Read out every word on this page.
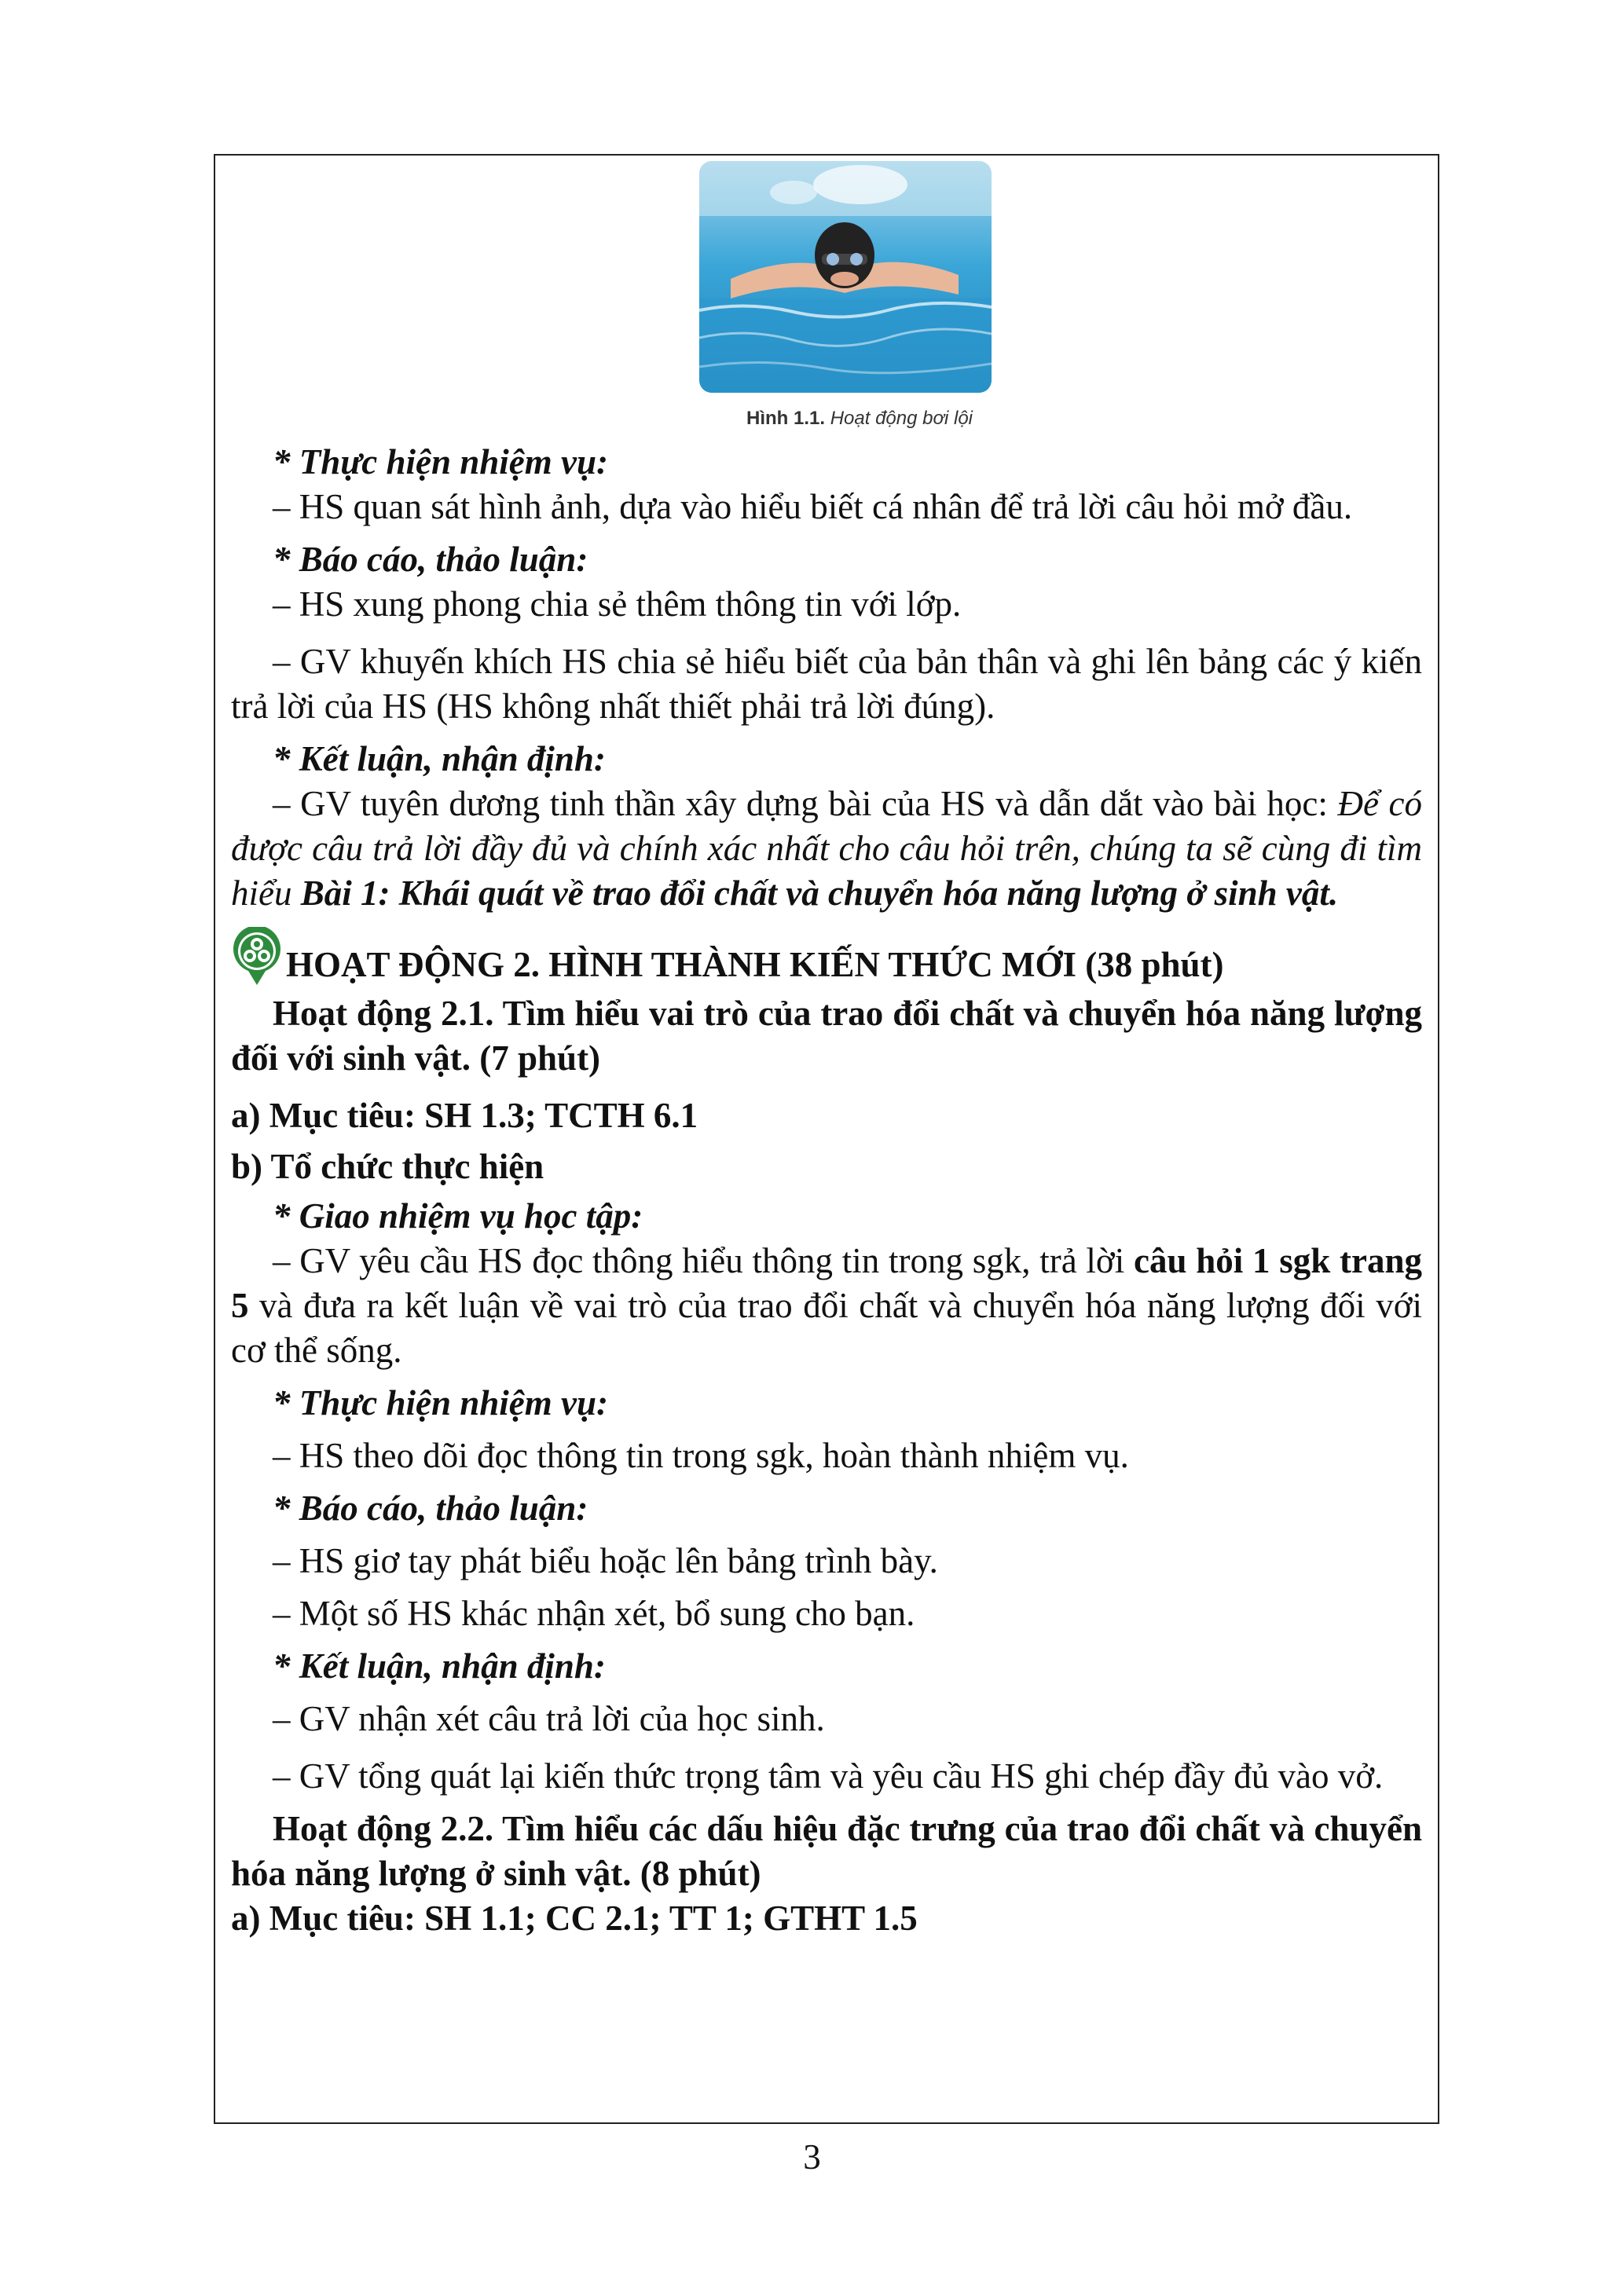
Hình 1.1. Hoạt động bơi lội

* Thực hiện nhiệm vụ:

– HS quan sát hình ảnh, dựa vào hiểu biết cá nhân để trả lời câu hỏi mở đầu.

* Báo cáo, thảo luận:

– HS xung phong chia sẻ thêm thông tin với lớp.

– GV khuyến khích HS chia sẻ hiểu biết của bản thân và ghi lên bảng các ý kiến trả lời của HS (HS không nhất thiết phải trả lời đúng).

* Kết luận, nhận định:

– GV tuyên dương tinh thần xây dựng bài của HS và dẫn dắt vào bài học: Để có được câu trả lời đầy đủ và chính xác nhất cho câu hỏi trên, chúng ta sẽ cùng đi tìm hiểu Bài 1: Khái quát về trao đổi chất và chuyển hóa năng lượng ở sinh vật.

HOẠT ĐỘNG 2. HÌNH THÀNH KIẾN THỨC MỚI (38 phút)

Hoạt động 2.1. Tìm hiểu vai trò của trao đổi chất và chuyển hóa năng lượng đối với sinh vật. (7 phút)

a) Mục tiêu: SH 1.3; TCTH 6.1

b) Tổ chức thực hiện

* Giao nhiệm vụ học tập:

– GV yêu cầu HS đọc thông hiểu thông tin trong sgk, trả lời câu hỏi 1 sgk trang 5 và đưa ra kết luận về vai trò của trao đổi chất và chuyển hóa năng lượng đối với cơ thể sống.

* Thực hiện nhiệm vụ:

– HS theo dõi đọc thông tin trong sgk, hoàn thành nhiệm vụ.

* Báo cáo, thảo luận:

– HS giơ tay phát biểu hoặc lên bảng trình bày.

– Một số HS khác nhận xét, bổ sung cho bạn.

* Kết luận, nhận định:

– GV nhận xét câu trả lời của học sinh.

– GV tổng quát lại kiến thức trọng tâm và yêu cầu HS ghi chép đầy đủ vào vở.

Hoạt động 2.2. Tìm hiểu các dấu hiệu đặc trưng của trao đổi chất và chuyển hóa năng lượng ở sinh vật. (8 phút)

a) Mục tiêu: SH 1.1; CC 2.1; TT 1; GTHT 1.5

3
